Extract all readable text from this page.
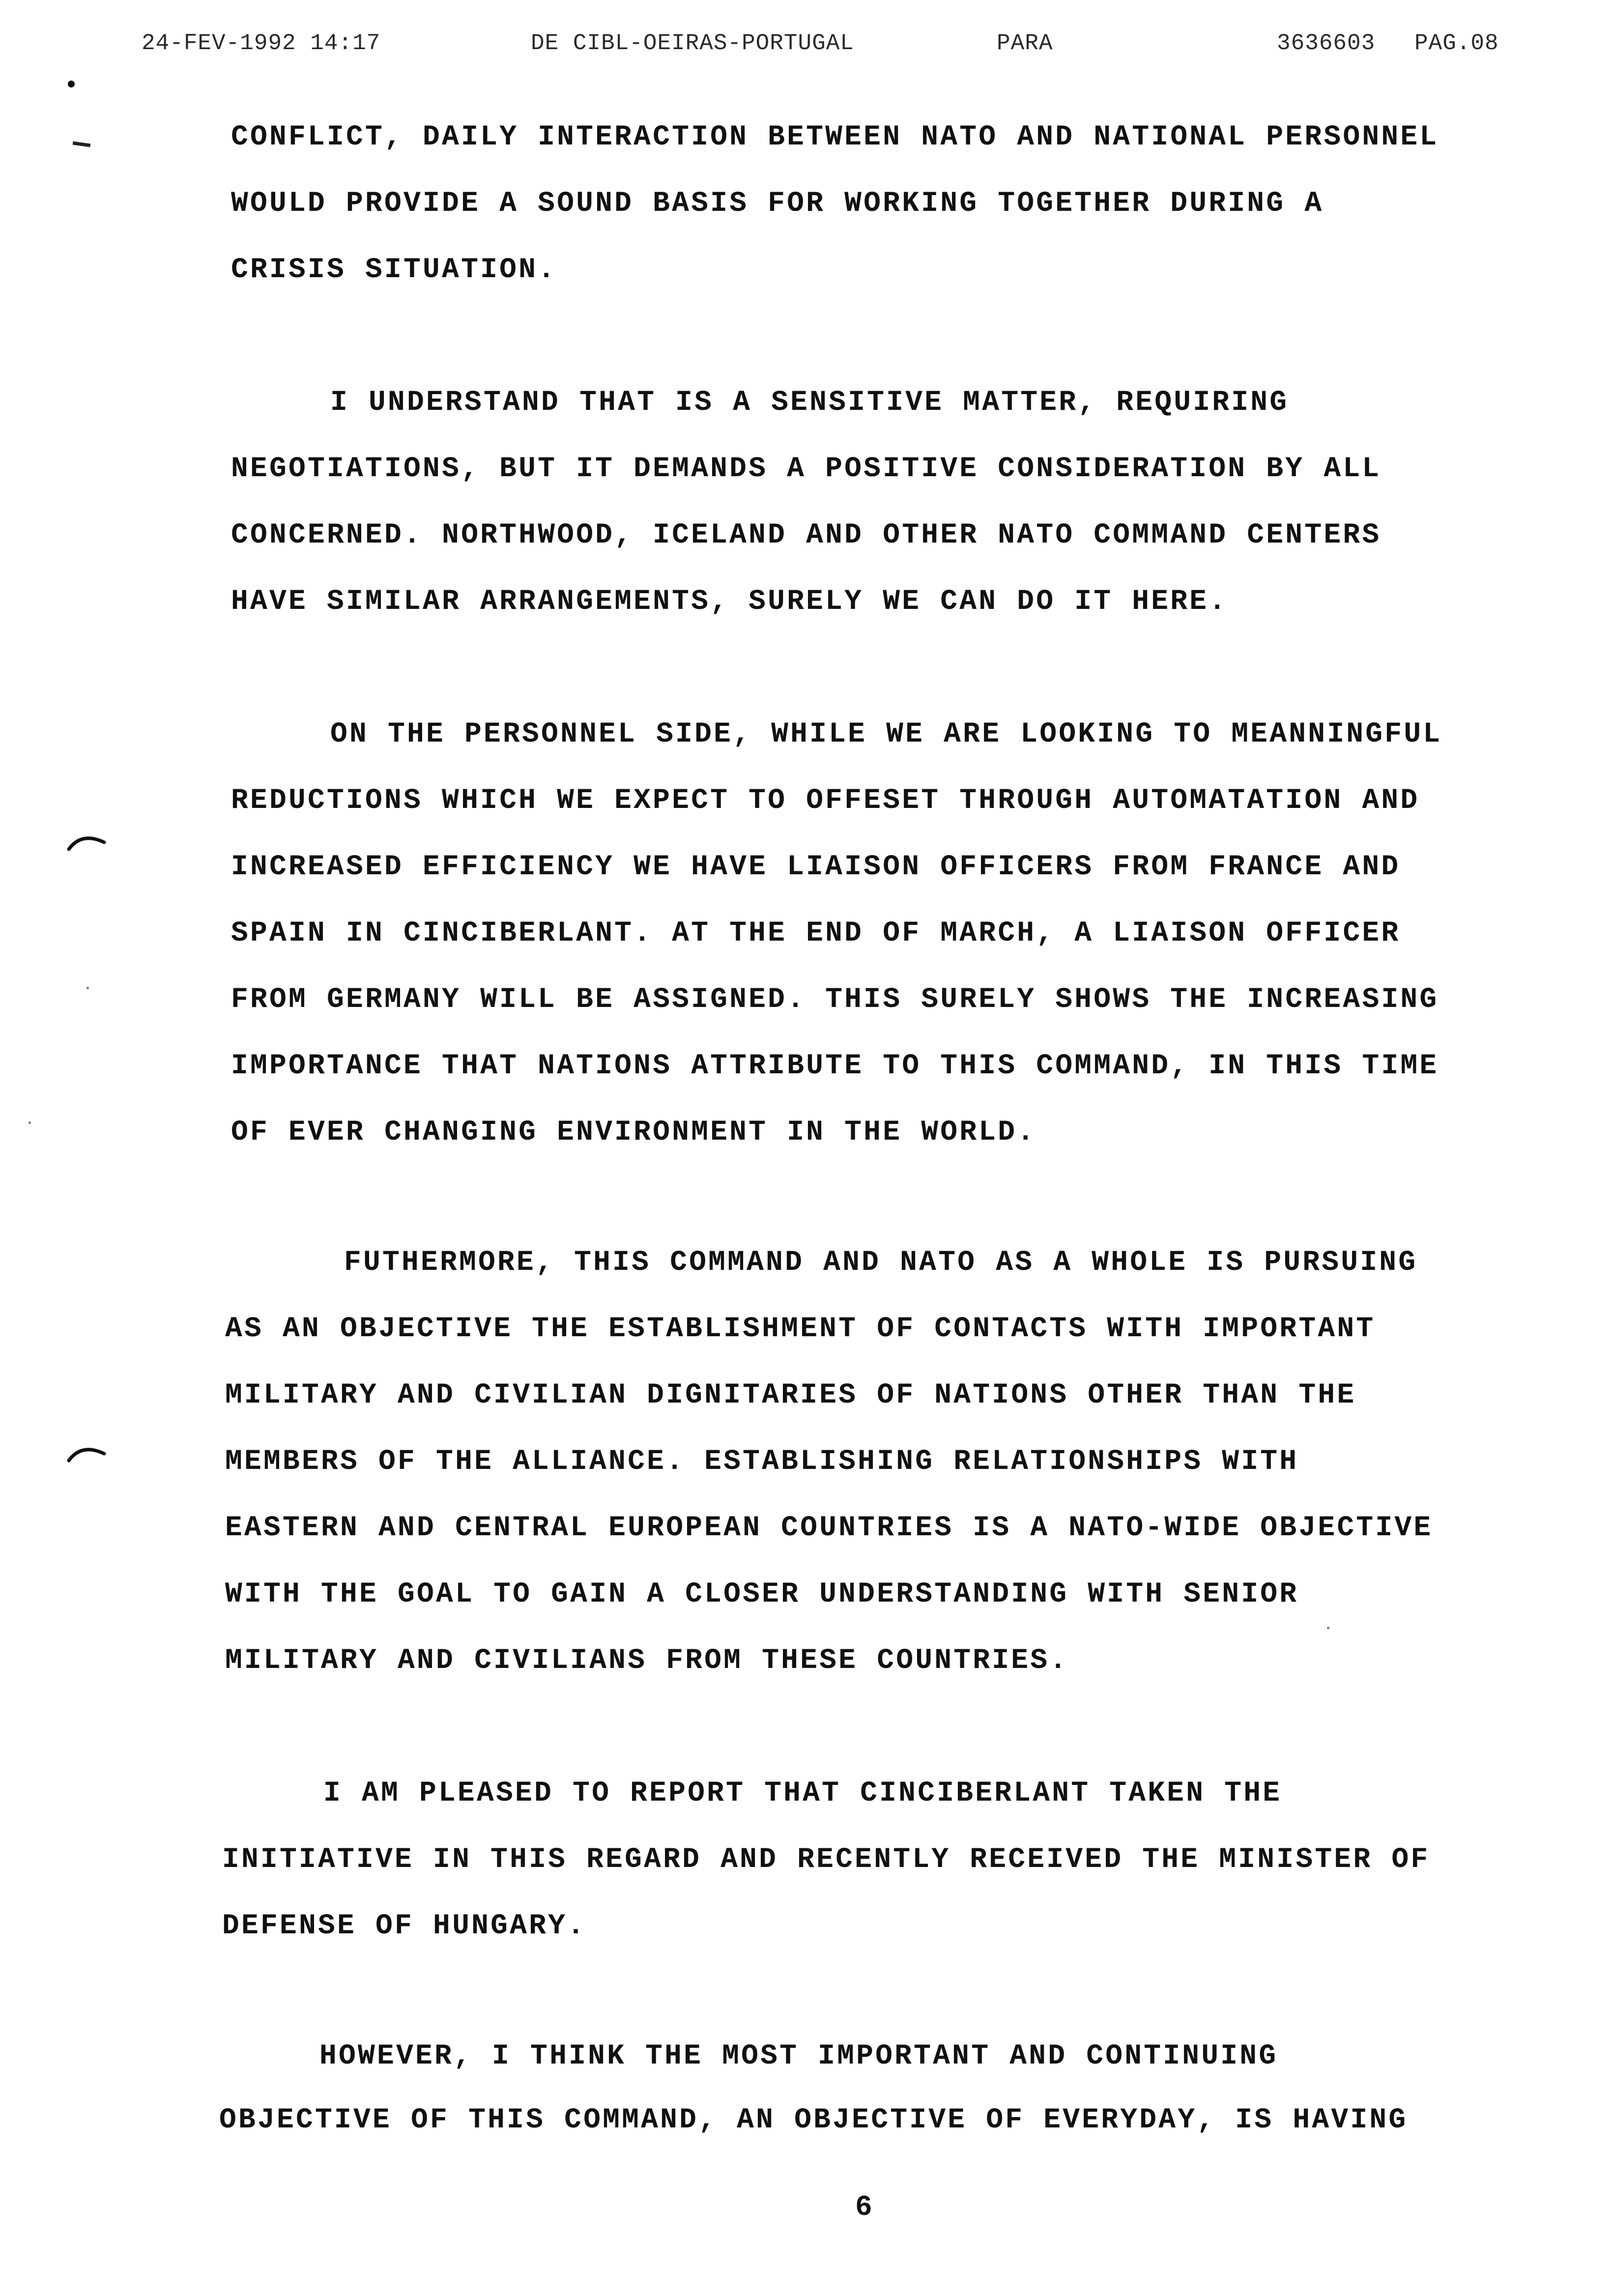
24-FEV-1992 14:17	DE CIBL-OEIRAS-PORTUGAL	PARA	3636603 PAG.08
CONFLICT, DAILY INTERACTION BETWEEN NATO AND NATIONAL PERSONNEL
WOULD PROVIDE A SOUND BASIS FOR WORKING TOGETHER DURING A
CRISIS SITUATION.
I UNDERSTAND THAT IS A SENSITIVE MATTER, REQUIRING
NEGOTIATIONS, BUT IT DEMANDS A POSITIVE CONSIDERATION BY ALL
CONCERNED. NORTHWOOD, ICELAND AND OTHER NATO COMMAND CENTERS
HAVE SIMILAR ARRANGEMENTS, SURELY WE CAN DO IT HERE.
ON THE PERSONNEL SIDE, WHILE WE ARE LOOKING TO MEANNINGFUL
REDUCTIONS WHICH WE EXPECT TO OFFESET THROUGH AUTOMATATION AND
INCREASED EFFICIENCY WE HAVE LIAISON OFFICERS FROM FRANCE AND
SPAIN IN CINCIBERLANT. AT THE END OF MARCH, A LIAISON OFFICER
FROM GERMANY WILL BE ASSIGNED. THIS SURELY SHOWS THE INCREASING
IMPORTANCE THAT NATIONS ATTRIBUTE TO THIS COMMAND, IN THIS TIME
OF EVER CHANGING ENVIRONMENT IN THE WORLD.
FUTHERMORE, THIS COMMAND AND NATO AS A WHOLE IS PURSUING
AS AN OBJECTIVE THE ESTABLISHMENT OF CONTACTS WITH IMPORTANT
MILITARY AND CIVILIAN DIGNITARIES OF NATIONS OTHER THAN THE
MEMBERS OF THE ALLIANCE. ESTABLISHING RELATIONSHIPS WITH
EASTERN AND CENTRAL EUROPEAN COUNTRIES IS A NATO-WIDE OBJECTIVE
WITH THE GOAL TO GAIN A CLOSER UNDERSTANDING WITH SENIOR
MILITARY AND CIVILIANS FROM THESE COUNTRIES.
I AM PLEASED TO REPORT THAT CINCIBERLANT TAKEN THE
INITIATIVE IN THIS REGARD AND RECENTLY RECEIVED THE MINISTER OF
DEFENSE OF HUNGARY.
HOWEVER, I THINK THE MOST IMPORTANT AND CONTINUING
OBJECTIVE OF THIS COMMAND, AN OBJECTIVE OF EVERYDAY, IS HAVING
6
